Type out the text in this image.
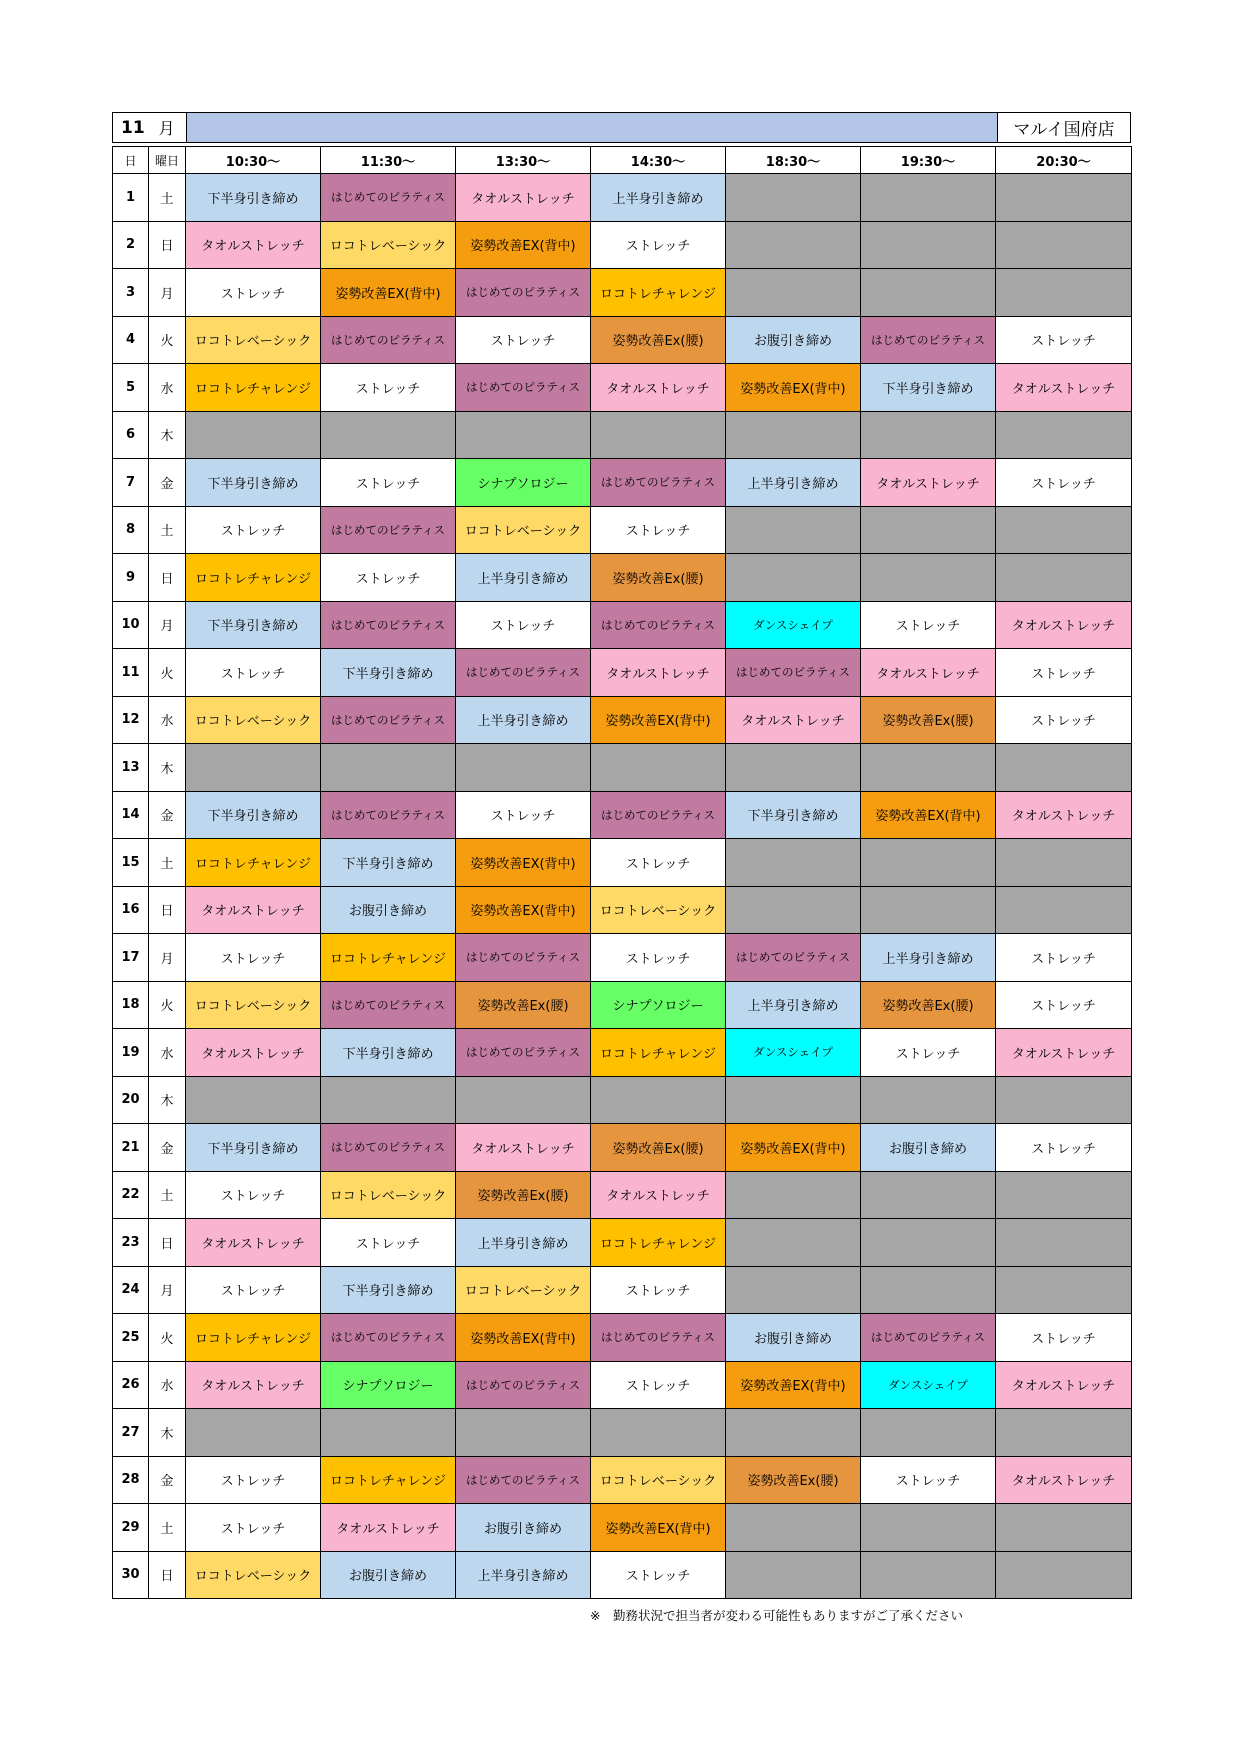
11 月	マルイ国府店
日	曜日	10:30～	11:30～	13:30～	14:30～	18:30～	19:30～	20:30～
1	土	下半身引き締め	はじめてのピラティス	タオルストレッチ	上半身引き締め			
2	日	タオルストレッチ	ロコトレベーシック	姿勢改善EX(背中)	ストレッチ			
3	月	ストレッチ	姿勢改善EX(背中)	はじめてのピラティス	ロコトレチャレンジ			
4	火	ロコトレベーシック	はじめてのピラティス	ストレッチ	姿勢改善Ex(腰)	お腹引き締め	はじめてのピラティス	ストレッチ
5	水	ロコトレチャレンジ	ストレッチ	はじめてのピラティス	タオルストレッチ	姿勢改善EX(背中)	下半身引き締め	タオルストレッチ
6	木							
7	金	下半身引き締め	ストレッチ	シナプソロジー	はじめてのピラティス	上半身引き締め	タオルストレッチ	ストレッチ
8	土	ストレッチ	はじめてのピラティス	ロコトレベーシック	ストレッチ			
9	日	ロコトレチャレンジ	ストレッチ	上半身引き締め	姿勢改善Ex(腰)			
10	月	下半身引き締め	はじめてのピラティス	ストレッチ	はじめてのピラティス	ダンスシェイプ	ストレッチ	タオルストレッチ
11	火	ストレッチ	下半身引き締め	はじめてのピラティス	タオルストレッチ	はじめてのピラティス	タオルストレッチ	ストレッチ
12	水	ロコトレベーシック	はじめてのピラティス	上半身引き締め	姿勢改善EX(背中)	タオルストレッチ	姿勢改善Ex(腰)	ストレッチ
13	木							
14	金	下半身引き締め	はじめてのピラティス	ストレッチ	はじめてのピラティス	下半身引き締め	姿勢改善EX(背中)	タオルストレッチ
15	土	ロコトレチャレンジ	下半身引き締め	姿勢改善EX(背中)	ストレッチ			
16	日	タオルストレッチ	お腹引き締め	姿勢改善EX(背中)	ロコトレベーシック			
17	月	ストレッチ	ロコトレチャレンジ	はじめてのピラティス	ストレッチ	はじめてのピラティス	上半身引き締め	ストレッチ
18	火	ロコトレベーシック	はじめてのピラティス	姿勢改善Ex(腰)	シナプソロジー	上半身引き締め	姿勢改善Ex(腰)	ストレッチ
19	水	タオルストレッチ	下半身引き締め	はじめてのピラティス	ロコトレチャレンジ	ダンスシェイプ	ストレッチ	タオルストレッチ
20	木							
21	金	下半身引き締め	はじめてのピラティス	タオルストレッチ	姿勢改善Ex(腰)	姿勢改善EX(背中)	お腹引き締め	ストレッチ
22	土	ストレッチ	ロコトレベーシック	姿勢改善Ex(腰)	タオルストレッチ			
23	日	タオルストレッチ	ストレッチ	上半身引き締め	ロコトレチャレンジ			
24	月	ストレッチ	下半身引き締め	ロコトレベーシック	ストレッチ			
25	火	ロコトレチャレンジ	はじめてのピラティス	姿勢改善EX(背中)	はじめてのピラティス	お腹引き締め	はじめてのピラティス	ストレッチ
26	水	タオルストレッチ	シナプソロジー	はじめてのピラティス	ストレッチ	姿勢改善EX(背中)	ダンスシェイプ	タオルストレッチ
27	木							
28	金	ストレッチ	ロコトレチャレンジ	はじめてのピラティス	ロコトレベーシック	姿勢改善Ex(腰)	ストレッチ	タオルストレッチ
29	土	ストレッチ	タオルストレッチ	お腹引き締め	姿勢改善EX(背中)			
30	日	ロコトレベーシック	お腹引き締め	上半身引き締め	ストレッチ			
※　勤務状況で担当者が変わる可能性もありますがご了承ください
